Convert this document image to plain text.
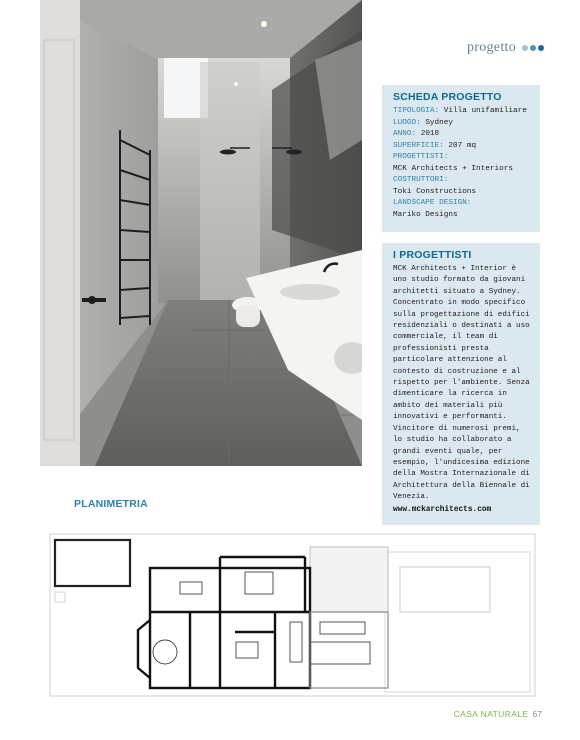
progetto
SCHEDA PROGETTO
TIPOLOGIA: Villa unifamiliare
LUOGO: Sydney
ANNO: 2018
SUPERFICIE: 207 mq
PROGETTISTI:
MCK Architects + Interiors
COSTRUTTORI:
Toki Constructions
LANDSCAPE DESIGN:
Mariko Designs
I PROGETTISTI

MCK Architects + Interior è uno studio formato da giovani architetti situato a Sydney. Concentrato in modo specifico sulla progettazione di edifici residenziali o destinati a uso commerciale, il team di professionisti presta particolare attenzione al contesto di costruzione e al rispetto per l'ambiente. Senza dimenticare la ricerca in ambito dei materiali più innovativi e performanti. Vincitore di numerosi premi, lo studio ha collaborato a grandi eventi quale, per esempio, l'undicesima edizione della Mostra Internazionale di Architettura della Biennale di Venezia.

www.mckarchitects.com

PLANIMETRIA
CASA NATURALE 67
